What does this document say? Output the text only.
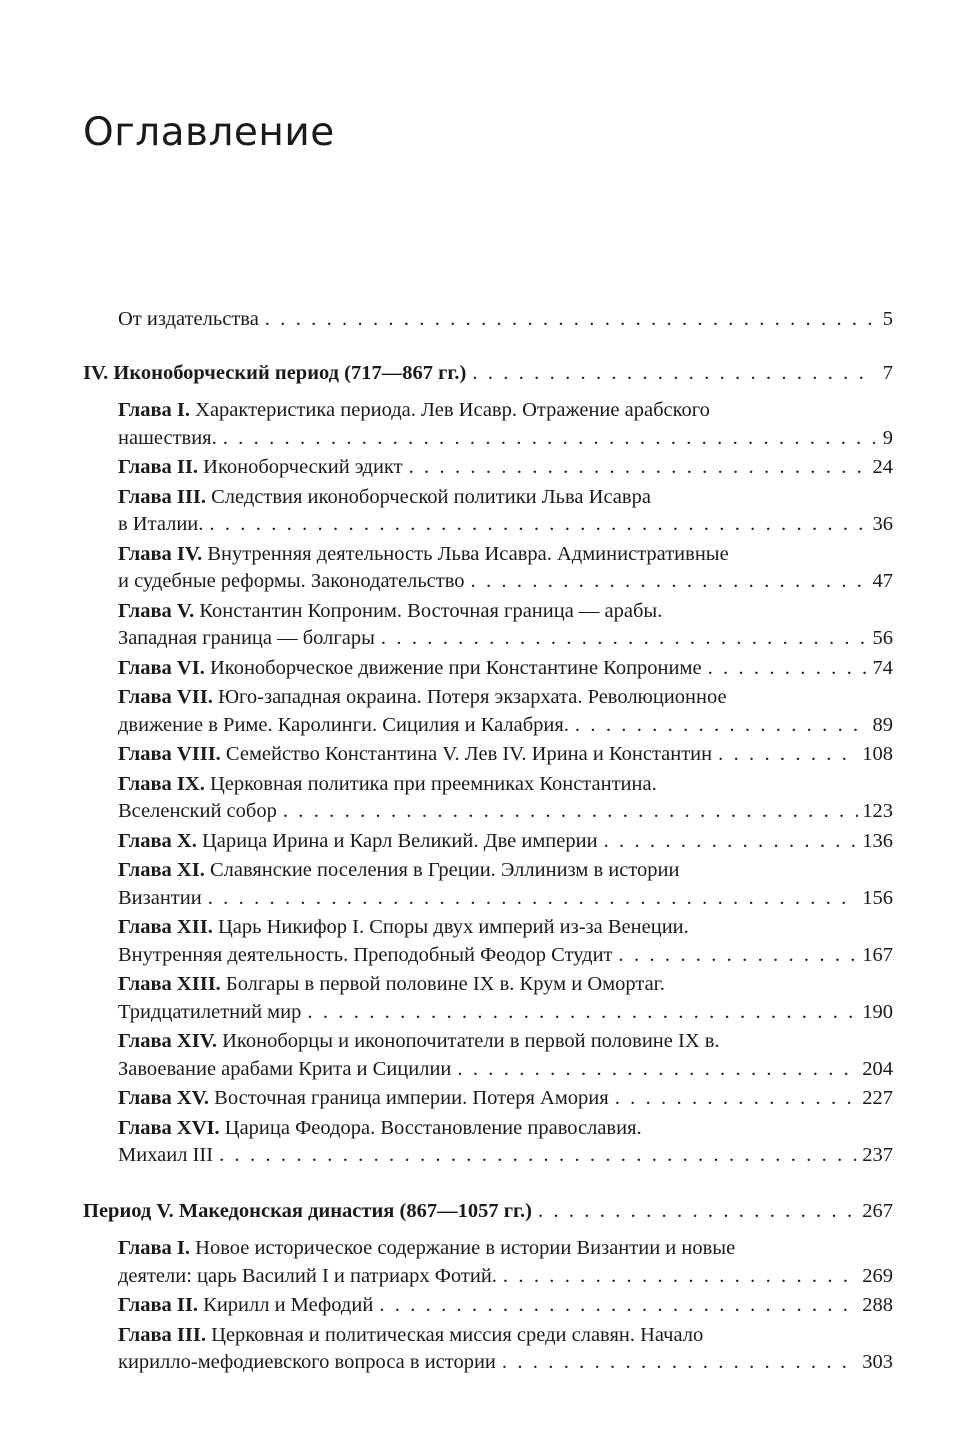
Оглавление
От издательства . . .	5
IV. Иконоборческий период (717—867 гг.) . . .	7
Глава I. Характеристика периода. Лев Исавр. Отражение арабского
нашествия. . . .	9
Глава II. Иконоборческий эдикт . . .	24
Глава III. Следствия иконоборческой политики Льва Исавра
в Италии. . . .	36
Глава IV. Внутренняя деятельность Льва Исавра. Административные
и судебные реформы. Законодательство . . .	47
Глава V. Константин Копроним. Восточная граница — арабы.
Западная граница — болгары . . .	56
Глава VI. Иконоборческое движение при Константине Копрониме . . .	74
Глава VII. Юго-западная окраина. Потеря экзархата. Революционное
движение в Риме. Каролинги. Сицилия и Калабрия. . . .	89
Глава VIII. Семейство Константина V. Лев IV. Ирина и Константин . . .	108
Глава IX. Церковная политика при преемниках Константина.
Вселенский собор . . .	123
Глава X. Царица Ирина и Карл Великий. Две империи . . .	136
Глава XI. Славянские поселения в Греции. Эллинизм в истории
Византии . . .	156
Глава XII. Царь Никифор I. Споры двух империй из-за Венеции.
Внутренняя деятельность. Преподобный Феодор Студит . . .	167
Глава XIII. Болгары в первой половине IX в. Крум и Омортаг.
Тридцатилетний мир . . .	190
Глава XIV. Иконоборцы и иконопочитатели в первой половине IX в.
Завоевание арабами Крита и Сицилии . . .	204
Глава XV. Восточная граница империи. Потеря Амория . . .	227
Глава XVI. Царица Феодора. Восстановление православия.
Михаил III . . .	237
Период V. Македонская династия (867—1057 гг.) . . .	267
Глава I. Новое историческое содержание в истории Византии и новые
деятели: царь Василий I и патриарх Фотий. . . .	269
Глава II. Кирилл и Мефодий . . .	288
Глава III. Церковная и политическая миссия среди славян. Начало
кирилло-мефодиевского вопроса в истории . . .	303
